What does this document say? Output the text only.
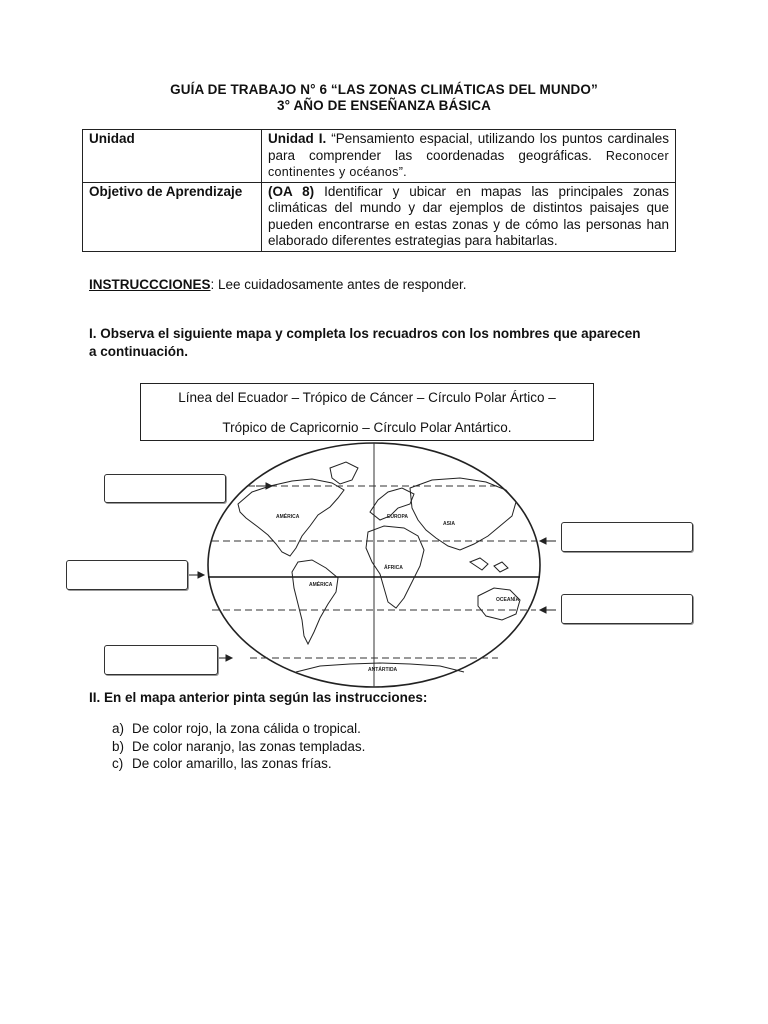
GUÍA DE TRABAJO N° 6 “LAS ZONAS CLIMÁTICAS DEL MUNDO”
3° AÑO DE ENSEÑANZA BÁSICA
Unidad	Unidad I. “Pensamiento espacial, utilizando los puntos cardinales para comprender las coordenadas geográficas. Reconocer continentes y océanos”.
Objetivo de Aprendizaje	(OA 8) Identificar y ubicar en mapas las principales zonas climáticas del mundo y dar ejemplos de distintos paisajes que pueden encontrarse en estas zonas y de cómo las personas han elaborado diferentes estrategias para habitarlas.
INSTRUCCCIONES: Lee cuidadosamente antes de responder.
I. Observa el siguiente mapa y completa los recuadros con los nombres que aparecen a continuación.
Línea del Ecuador – Trópico de Cáncer – Círculo Polar Ártico –
Trópico de Capricornio – Círculo Polar Antártico.
AMÉRICA	EUROPA
ASIA
ÁFRICA
AMÉRICA
OCEANÍA
ANTÁRTIDA
II. En el mapa anterior pinta según las instrucciones:
a) De color rojo, la zona cálida o tropical.
b) De color naranjo, las zonas templadas.
c) De color amarillo, las zonas frías.
